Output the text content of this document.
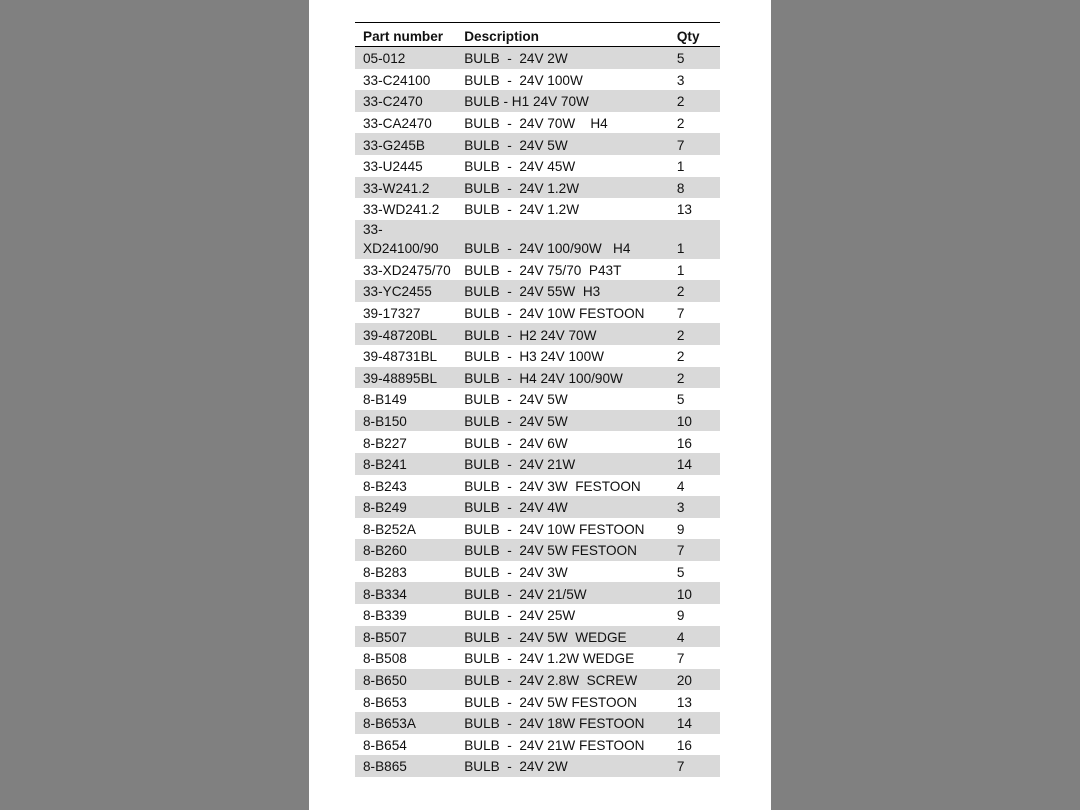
Part number	Description	Qty
05-012	BULB  -  24V 2W	5
33-C24100	BULB  -  24V 100W	3
33-C2470	BULB - H1 24V 70W	2
33-CA2470	BULB  -  24V 70W    H4	2
33-G245B	BULB  -  24V 5W	7
33-U2445	BULB  -  24V 45W	1
33-W241.2	BULB  -  24V 1.2W	8
33-WD241.2	BULB  -  24V 1.2W	13
33-
XD24100/90	BULB  -  24V 100/90W   H4	1
33-XD2475/70	BULB  -  24V 75/70  P43T	1
33-YC2455	BULB  -  24V 55W  H3	2
39-17327	BULB  -  24V 10W FESTOON	7
39-48720BL	BULB  -  H2 24V 70W	2
39-48731BL	BULB  -  H3 24V 100W	2
39-48895BL	BULB  -  H4 24V 100/90W	2
8-B149	BULB  -  24V 5W	5
8-B150	BULB  -  24V 5W	10
8-B227	BULB  -  24V 6W	16
8-B241	BULB  -  24V 21W	14
8-B243	BULB  -  24V 3W  FESTOON	4
8-B249	BULB  -  24V 4W	3
8-B252A	BULB  -  24V 10W FESTOON	9
8-B260	BULB  -  24V 5W FESTOON	7
8-B283	BULB  -  24V 3W	5
8-B334	BULB  -  24V 21/5W	10
8-B339	BULB  -  24V 25W	9
8-B507	BULB  -  24V 5W  WEDGE	4
8-B508	BULB  -  24V 1.2W WEDGE	7
8-B650	BULB  -  24V 2.8W  SCREW	20
8-B653	BULB  -  24V 5W FESTOON	13
8-B653A	BULB  -  24V 18W FESTOON	14
8-B654	BULB  -  24V 21W FESTOON	16
8-B865	BULB  -  24V 2W	7
